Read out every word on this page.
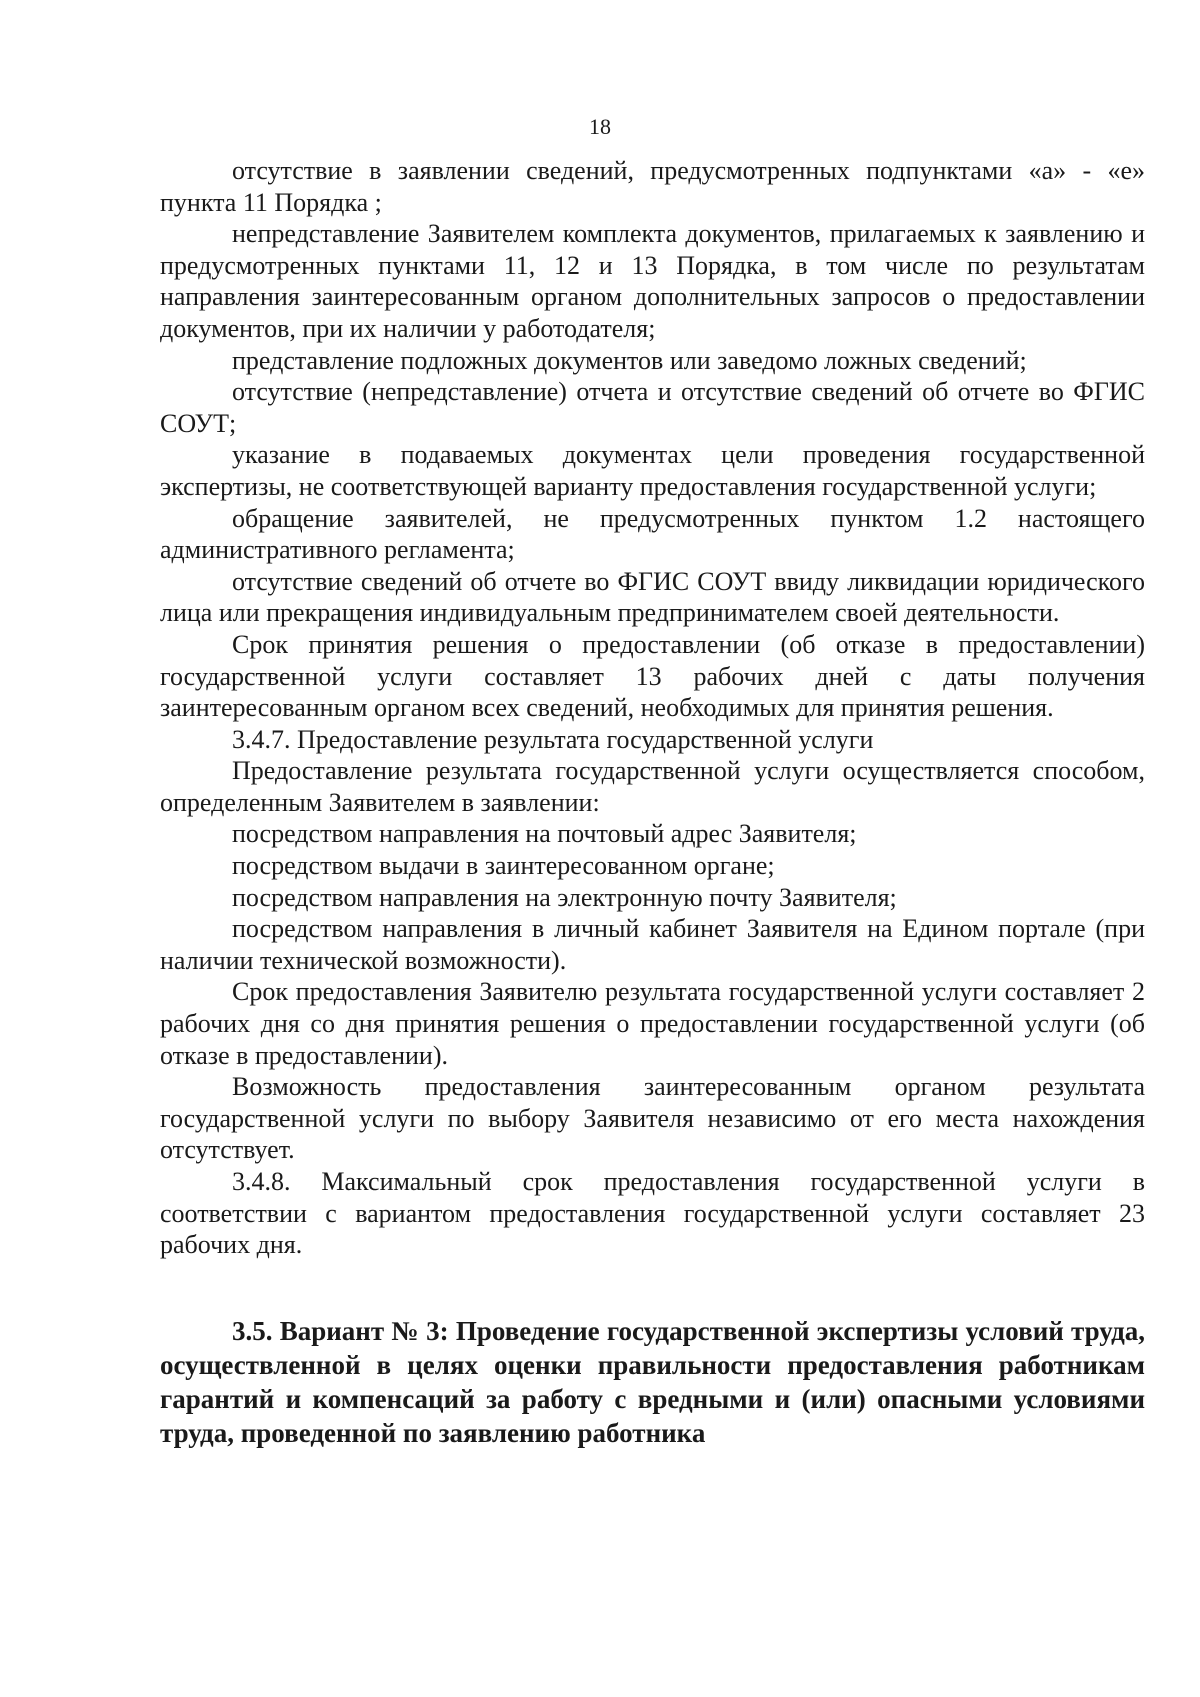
18

отсутствие в заявлении сведений, предусмотренных подпунктами «а» - «е» пункта 11 Порядка ;

непредставление Заявителем комплекта документов, прилагаемых к заявлению и предусмотренных пунктами 11, 12 и 13 Порядка, в том числе по результатам направления заинтересованным органом дополнительных запросов о предоставлении документов, при их наличии у работодателя;

представление подложных документов или заведомо ложных сведений;

отсутствие (непредставление) отчета и отсутствие сведений об отчете во ФГИС СОУТ;

указание в подаваемых документах цели проведения государственной экспертизы, не соответствующей варианту предоставления государственной услуги;

обращение заявителей, не предусмотренных пунктом 1.2 настоящего административного регламента;

отсутствие сведений об отчете во ФГИС СОУТ ввиду ликвидации юридического лица или прекращения индивидуальным предпринимателем своей деятельности.

Срок принятия решения о предоставлении (об отказе в предоставлении) государственной услуги составляет 13 рабочих дней с даты получения заинтересованным органом всех сведений, необходимых для принятия решения.

3.4.7. Предоставление результата государственной услуги

Предоставление результата государственной услуги осуществляется способом, определенным Заявителем в заявлении:

посредством направления на почтовый адрес Заявителя;

посредством выдачи в заинтересованном органе;

посредством направления на электронную почту Заявителя;

посредством направления в личный кабинет Заявителя на Едином портале (при наличии технической возможности).

Срок предоставления Заявителю результата государственной услуги составляет 2 рабочих дня со дня принятия решения о предоставлении государственной услуги (об отказе в предоставлении).

Возможность предоставления заинтересованным органом результата государственной услуги по выбору Заявителя независимо от его места нахождения отсутствует.

3.4.8. Максимальный срок предоставления государственной услуги в соответствии с вариантом предоставления государственной услуги составляет 23 рабочих дня.

3.5. Вариант № 3: Проведение государственной экспертизы условий труда, осуществленной в целях оценки правильности предоставления работникам гарантий и компенсаций за работу с вредными и (или) опасными условиями труда, проведенной по заявлению работника
